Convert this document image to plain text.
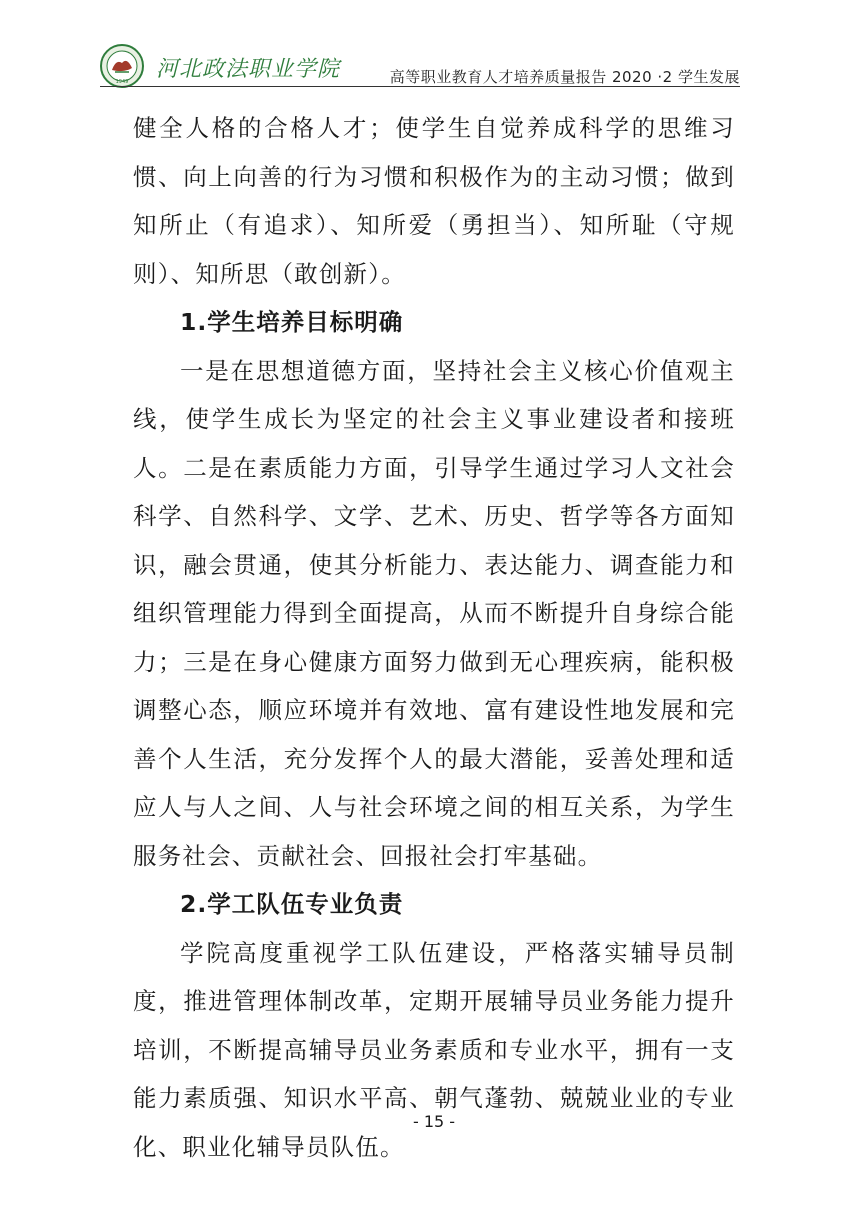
1949 河北政法职业学院	高等职业教育人才培养质量报告 2020 ·2 学生发展

健全人格的合格人才；使学生自觉养成科学的思维习惯、向上向善的行为习惯和积极作为的主动习惯；做到知所止（有追求）、知所爱（勇担当）、知所耻（守规则）、知所思（敢创新）。

1.学生培养目标明确

一是在思想道德方面，坚持社会主义核心价值观主线，使学生成长为坚定的社会主义事业建设者和接班人。二是在素质能力方面，引导学生通过学习人文社会科学、自然科学、文学、艺术、历史、哲学等各方面知识，融会贯通，使其分析能力、表达能力、调查能力和组织管理能力得到全面提高，从而不断提升自身综合能力；三是在身心健康方面努力做到无心理疾病，能积极调整心态，顺应环境并有效地、富有建设性地发展和完善个人生活，充分发挥个人的最大潜能，妥善处理和适应人与人之间、人与社会环境之间的相互关系，为学生服务社会、贡献社会、回报社会打牢基础。

2.学工队伍专业负责

学院高度重视学工队伍建设，严格落实辅导员制度，推进管理体制改革，定期开展辅导员业务能力提升培训，不断提高辅导员业务素质和专业水平，拥有一支能力素质强、知识水平高、朝气蓬勃、兢兢业业的专业化、职业化辅导员队伍。

- 15 -
